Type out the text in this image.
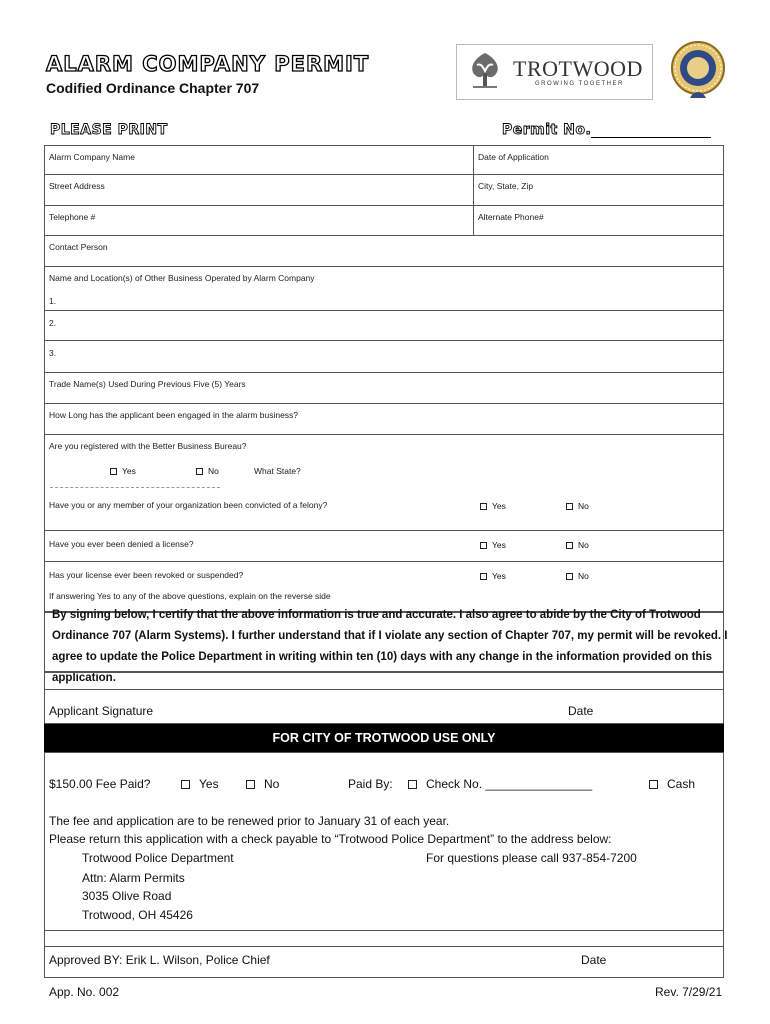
ALARM COMPANY PERMIT
Codified Ordinance Chapter 707
TROTWOOD
GROWING TOGETHER
PLEASE PRINT	Permit No.
Alarm Company Name	Date of Application
Street Address	City, State, Zip
Telephone #	Alternate Phone#
Contact Person
Name and Location(s) of Other Business Operated by Alarm Company
1.
2.
3.
Trade Name(s) Used During Previous Five (5) Years
How Long has the applicant been engaged in the alarm business?
Are you registered with the Better Business Bureau?
Yes	No	What State?
Have you or any member of your organization been convicted of a felony?	Yes	No
Have you ever been denied a license?	Yes	No
Has your license ever been revoked or suspended?	Yes	No
If answering Yes to any of the above questions, explain on the reverse side
By signing below, I certify that the above information is true and accurate. I also agree to abide by the City of Trotwood Ordinance 707 (Alarm Systems). I further understand that if I violate any section of Chapter 707, my permit will be revoked. I agree to update the Police Department in writing within ten (10) days with any change in the information provided on this application.
Applicant Signature	Date
FOR CITY OF TROTWOOD USE ONLY
$150.00 Fee Paid?	Yes	No	Paid By:	Check No. ________________	Cash
The fee and application are to be renewed prior to January 31 of each year.
Please return this application with a check payable to “Trotwood Police Department” to the address below:
Trotwood Police Department	For questions please call 937-854-7200
Attn: Alarm Permits
3035 Olive Road
Trotwood, OH 45426
Approved BY: Erik L. Wilson, Police Chief	Date
App. No. 002	Rev. 7/29/21
